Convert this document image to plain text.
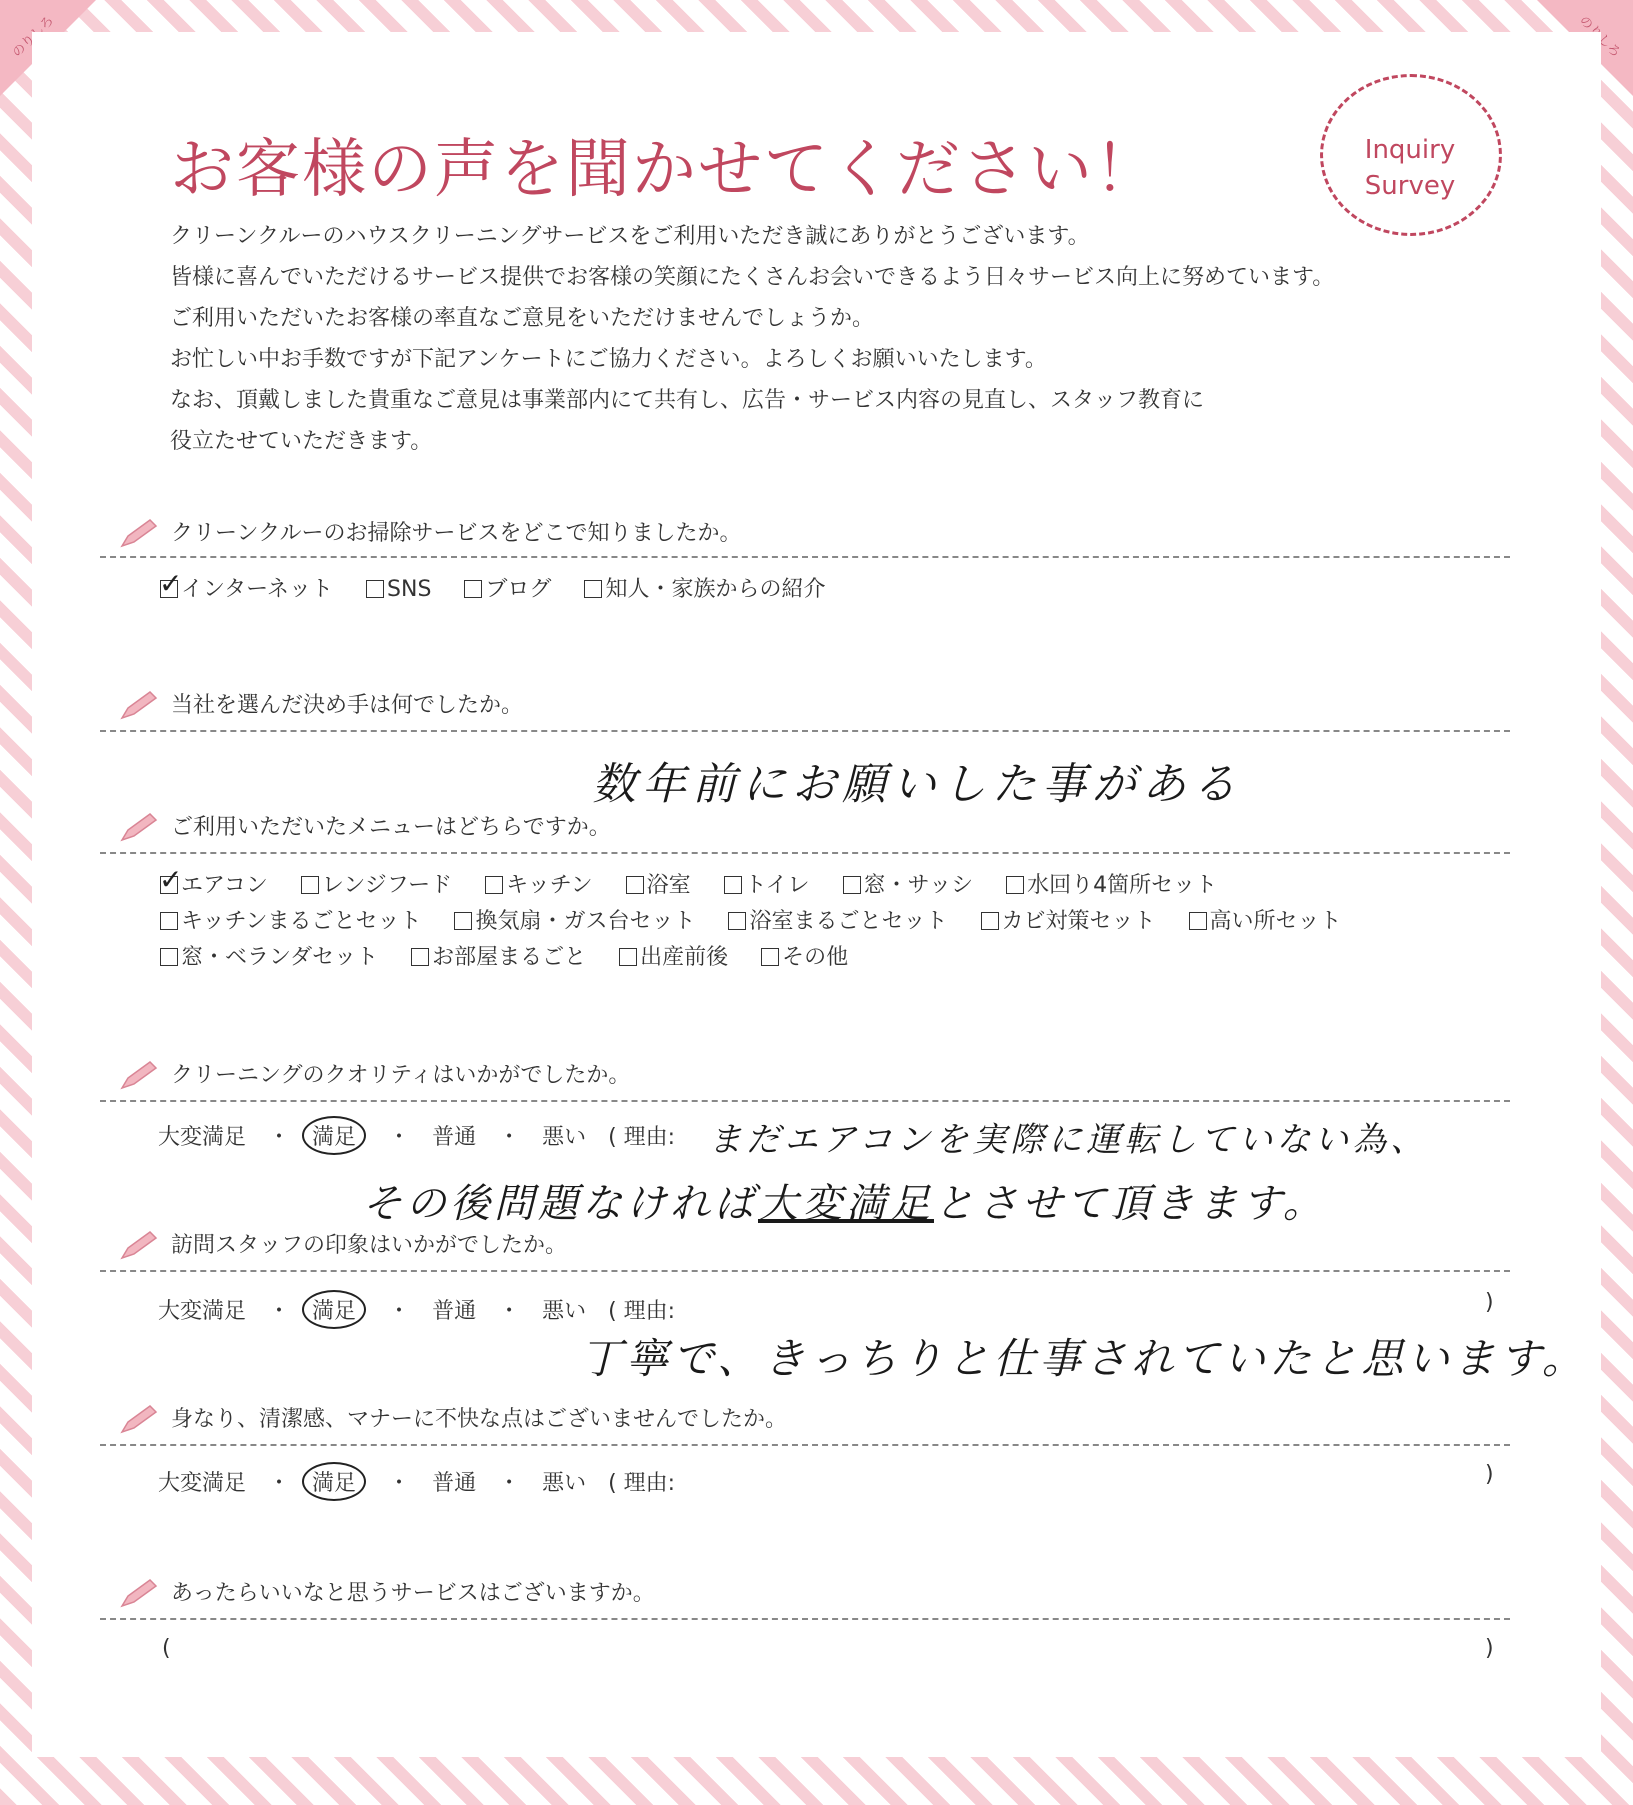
お客様の声を聞かせてください！	Inquiry Survey

クリーンクルーのハウスクリーニングサービスをご利用いただき誠にありがとうございます。

皆様に喜んでいただけるサービス提供でお客様の笑顔にたくさんお会いできるよう日々サービス向上に努めています。

ご利用いただいたお客様の率直なご意見をいただけませんでしょうか。

お忙しい中お手数ですが下記アンケートにご協力ください。よろしくお願いいたします。

なお、頂戴しました貴重なご意見は事業部内にて共有し、広告・サービス内容の見直し、スタッフ教育に

役立たせていただきます。

クリーンクルーのお掃除サービスをどこで知りましたか。
✓インターネット SNS ブログ 知人・家族からの紹介
当社を選んだ決め手は何でしたか。
数年前にお願いした事がある
ご利用いただいたメニューはどちらですか。
✓エアコン レンジフード キッチン 浴室 トイレ 窓・サッシ 水回り4箇所セット
キッチンまるごとセット 換気扇・ガス台セット 浴室まるごとセット カビ対策セット 高い所セット
窓・ベランダセット お部屋まるごと 出産前後 その他
クリーニングのクオリティはいかがでしたか。
大変満足 ・ 満足 ・ 普通 ・ 悪い ( 理由: まだエアコンを実際に運転していない為、
その後問題なければ大変満足とさせて頂きます。
訪問スタッフの印象はいかがでしたか。
大変満足 ・ 満足 ・ 普通 ・ 悪い ( 理由:	)
丁寧で、きっちりと仕事されていたと思います。
身なり、清潔感、マナーに不快な点はございませんでしたか。
大変満足 ・ 満足 ・ 普通 ・ 悪い ( 理由:	)
あったらいいなと思うサービスはございますか。
(	)
